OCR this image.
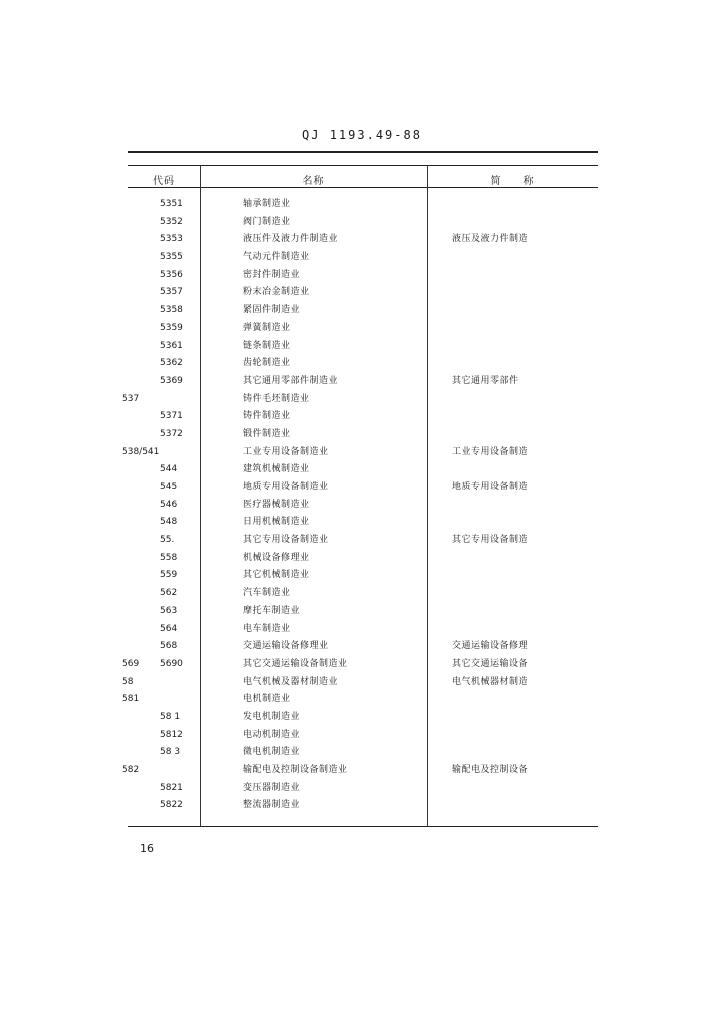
QJ 1193.49-88
代码	名称	简　　称
5351	轴承制造业
5352	阀门制造业
5353	液压件及液力件制造业	液压及液力件制造
5355	气动元件制造业
5356	密封件制造业
5357	粉末冶金制造业
5358	紧固件制造业
5359	弹簧制造业
5361	链条制造业
5362	齿轮制造业
5369	其它通用零部件制造业	其它通用零部件
537	铸件毛坯制造业
5371	铸件制造业
5372	锻件制造业
538/541	工业专用设备制造业	工业专用设备制造
544	建筑机械制造业
545	地质专用设备制造业	地质专用设备制造
546	医疗器械制造业
548	日用机械制造业
55.	其它专用设备制造业	其它专用设备制造
558	机械设备修理业
559	其它机械制造业
562	汽车制造业
563	摩托车制造业
564	电车制造业
568	交通运输设备修理业	交通运输设备修理
569	5690	其它交通运输设备制造业	其它交通运输设备
58	电气机械及器材制造业	电气机械器材制造
581	电机制造业
58 1	发电机制造业
5812	电动机制造业
58 3	微电机制造业
582	输配电及控制设备制造业	输配电及控制设备
5821	变压器制造业
5822	整流器制造业
16
